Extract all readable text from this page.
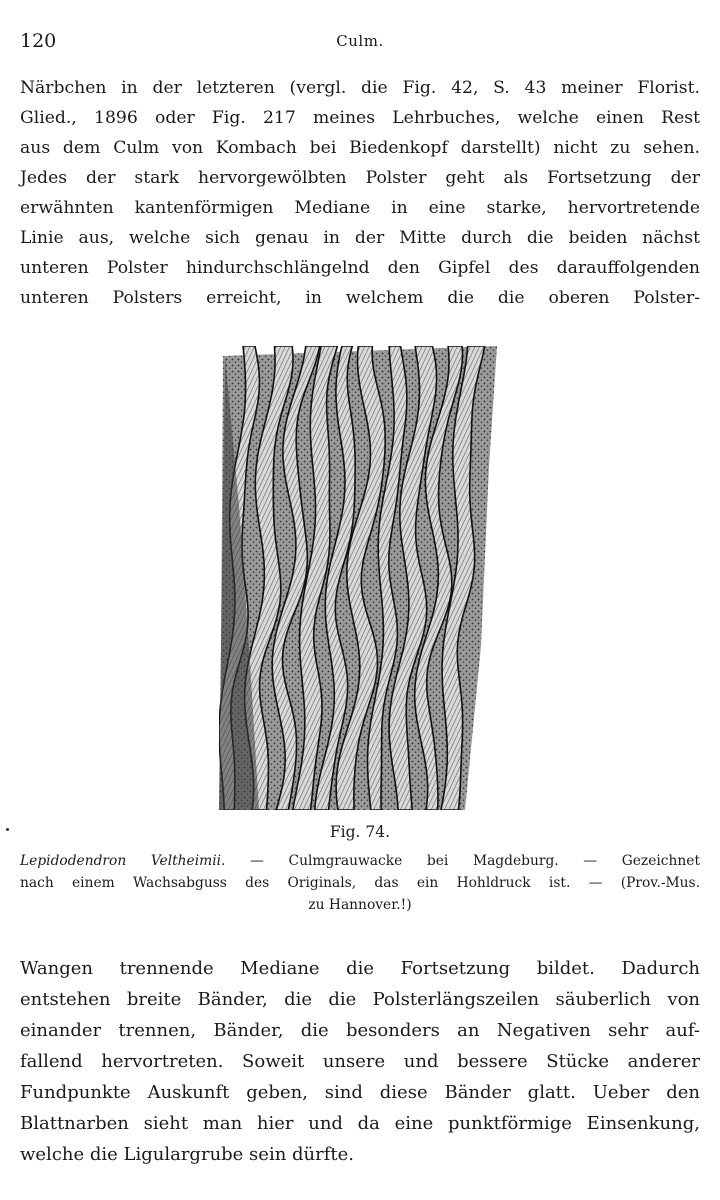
120	Culm.
Närbchen in der letzteren (vergl. die Fig. 42, S. 43 meiner Florist.
Glied., 1896 oder Fig. 217 meines Lehrbuches, welche einen Rest
aus dem Culm von Kombach bei Biedenkopf darstellt) nicht zu sehen.
Jedes der stark hervorgewölbten Polster geht als Fortsetzung der
erwähnten kantenförmigen Mediane in eine starke, hervortretende
Linie aus, welche sich genau in der Mitte durch die beiden nächst
unteren Polster hindurchschlängelnd den Gipfel des darauffolgenden
unteren Polsters erreicht, in welchem die die oberen Polster-
Fig. 74.
Lepidodendron Veltheimii. — Culmgrauwacke bei Magdeburg. — Gezeichnet
nach einem Wachsabguss des Originals, das ein Hohldruck ist. — (Prov.-Mus.
zu Hannover.!)
Wangen trennende Mediane die Fortsetzung bildet. Dadurch
entstehen breite Bänder, die die Polsterlängszeilen säuberlich von
einander trennen, Bänder, die besonders an Negativen sehr auf-
fallend hervortreten. Soweit unsere und bessere Stücke anderer
Fundpunkte Auskunft geben, sind diese Bänder glatt. Ueber den
Blattnarben sieht man hier und da eine punktförmige Einsenkung,
welche die Ligulargrube sein dürfte.
